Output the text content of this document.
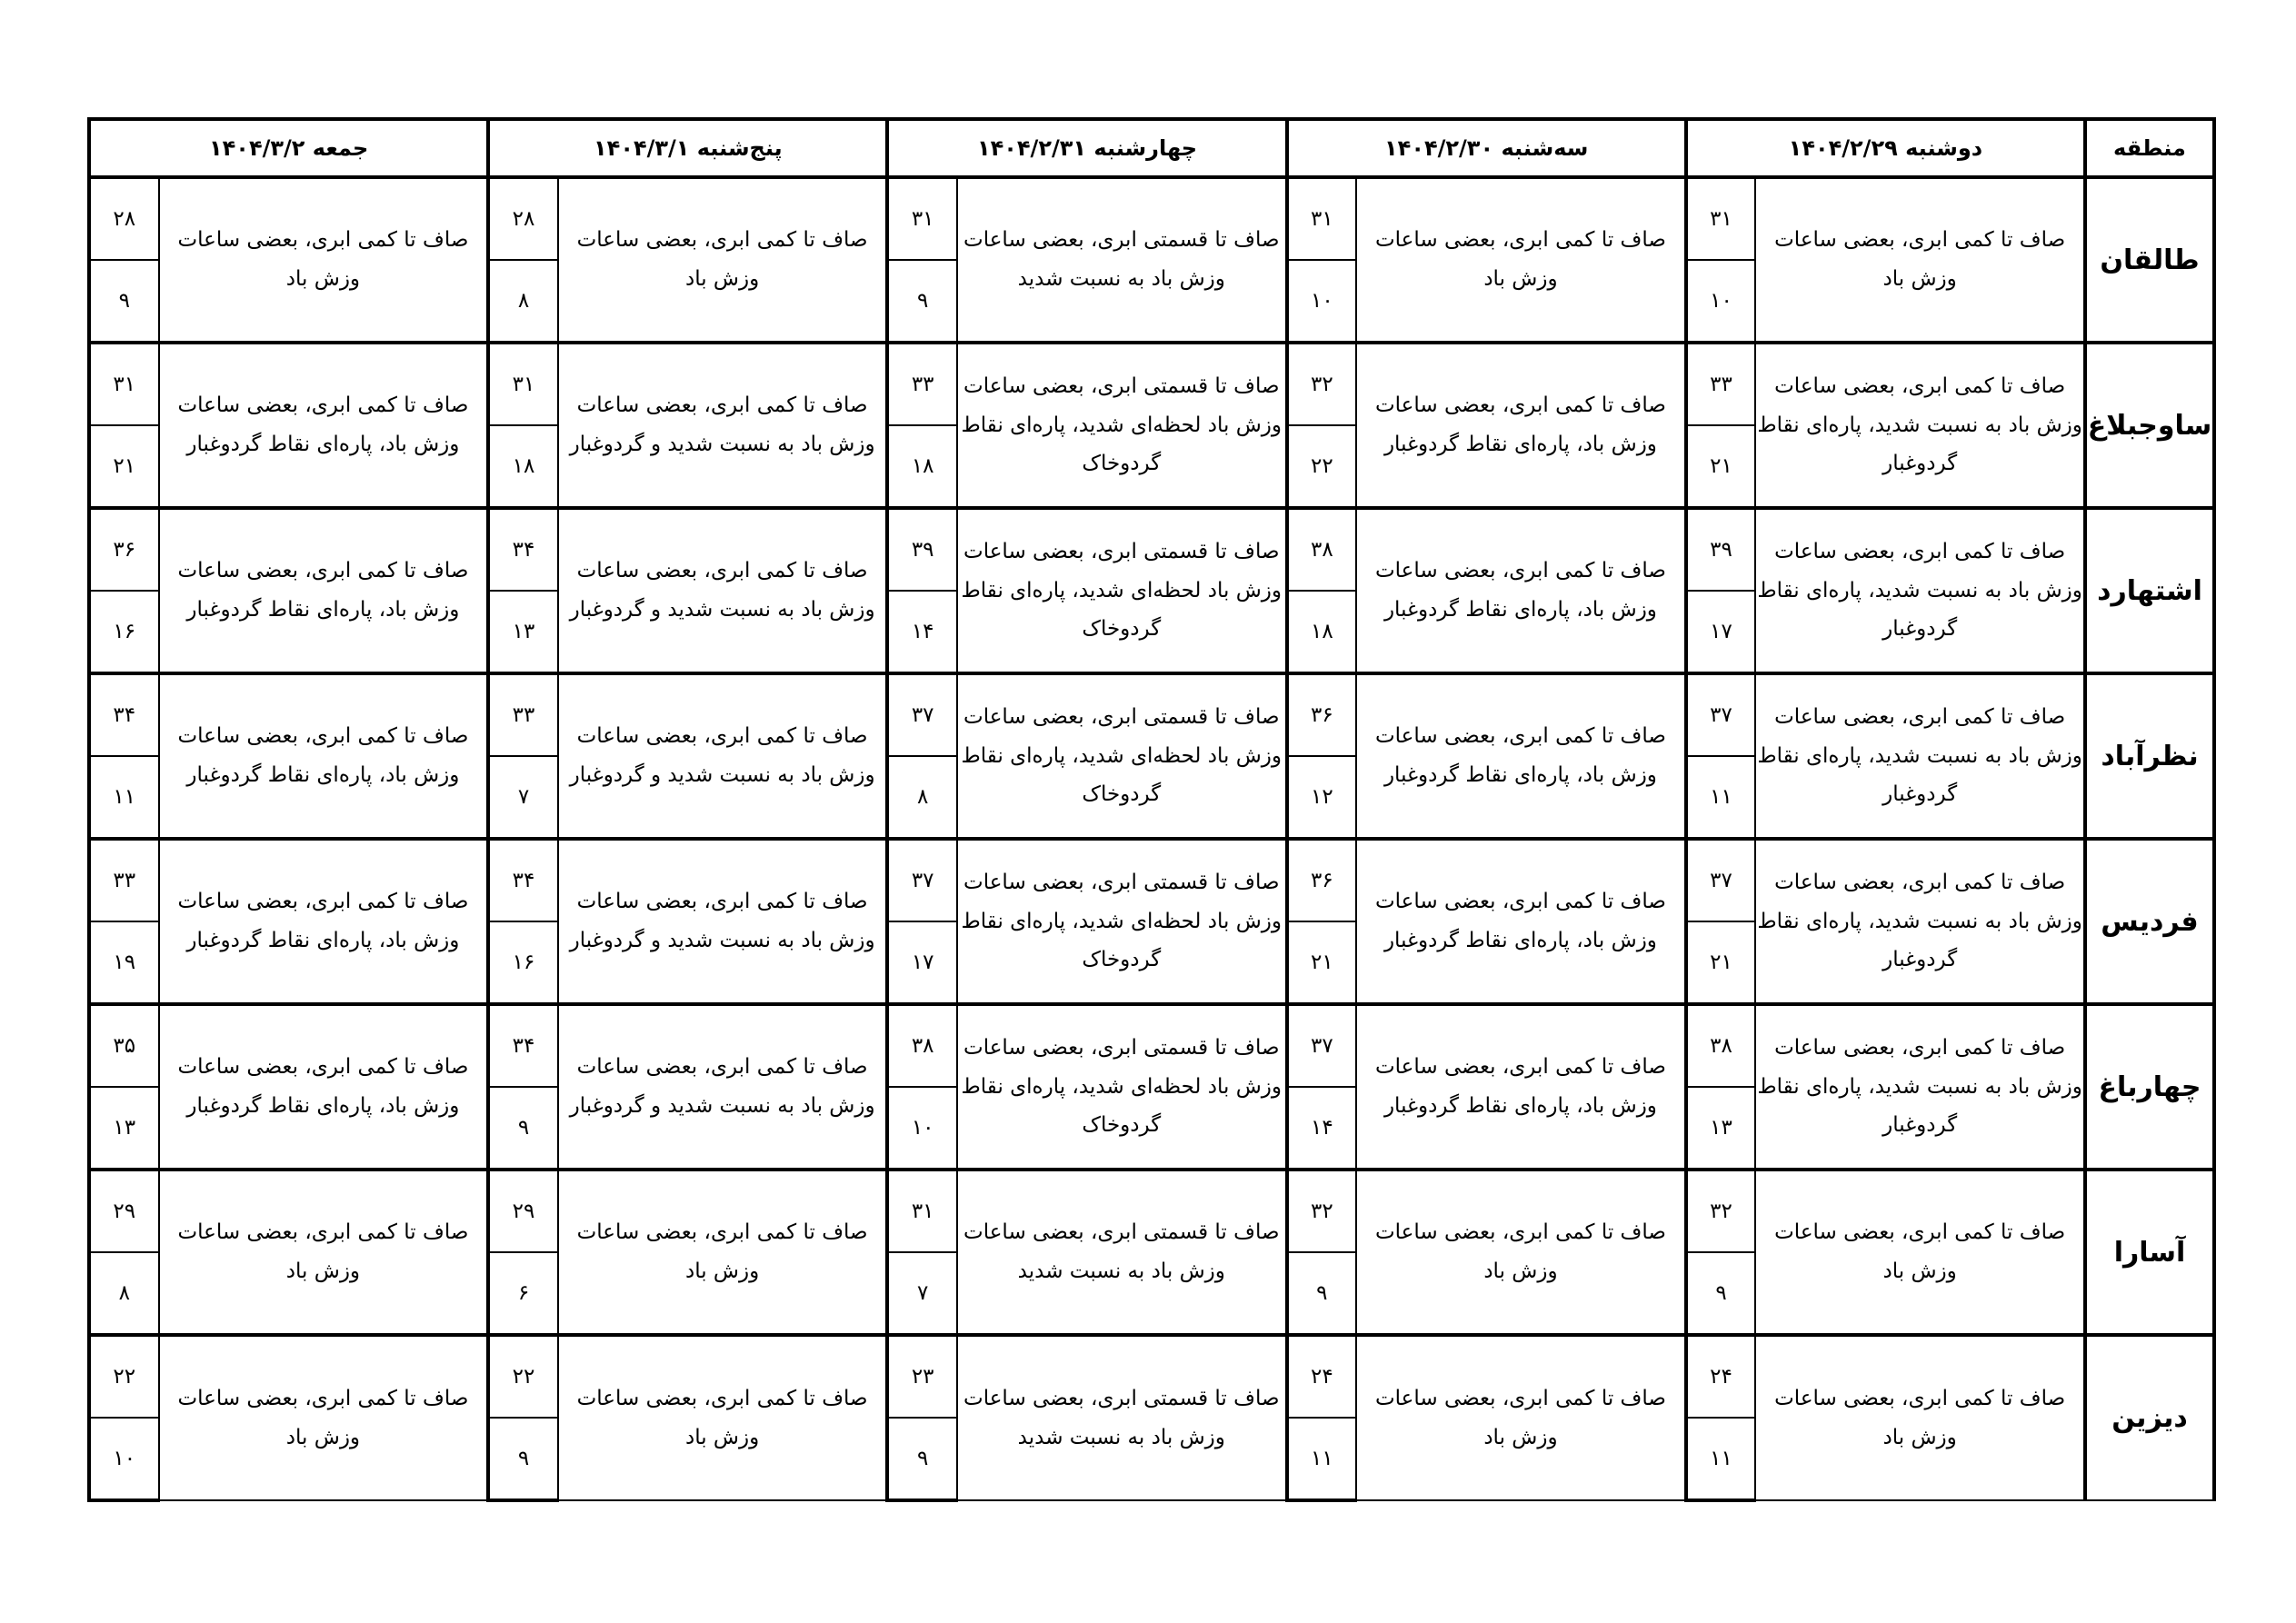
منطقه	دوشنبه ۱۴۰۴/۲/۲۹		سه‌شنبه ۱۴۰۴/۲/۳۰		چهارشنبه ۱۴۰۴/۲/۳۱		پنج‌شنبه ۱۴۰۴/۳/۱		جمعه ۱۴۰۴/۳/۲	
طالقان	صاف تا کمی ابری، بعضی ساعات وزش باد	۳۱	صاف تا کمی ابری، بعضی ساعات وزش باد	۳۱	صاف تا قسمتی ابری، بعضی ساعات وزش باد به نسبت شدید	۳۱	صاف تا کمی ابری، بعضی ساعات وزش باد	۲۸	صاف تا کمی ابری، بعضی ساعات وزش باد	۲۸
		۱۰		۱۰		۹		۸		۹
ساوجبلاغ	صاف تا کمی ابری، بعضی ساعات وزش باد به نسبت شدید، پاره‌ای نقاط گردوغبار	۳۳	صاف تا کمی ابری، بعضی ساعات وزش باد، پاره‌ای نقاط گردوغبار	۳۲	صاف تا قسمتی ابری، بعضی ساعات وزش باد لحظه‌ای شدید، پاره‌ای نقاط گردوخاک	۳۳	صاف تا کمی ابری، بعضی ساعات وزش باد به نسبت شدید و گردوغبار	۳۱	صاف تا کمی ابری، بعضی ساعات وزش باد، پاره‌ای نقاط گردوغبار	۳۱
		۲۱		۲۲		۱۸		۱۸		۲۱
اشتهارد	صاف تا کمی ابری، بعضی ساعات وزش باد به نسبت شدید، پاره‌ای نقاط گردوغبار	۳۹	صاف تا کمی ابری، بعضی ساعات وزش باد، پاره‌ای نقاط گردوغبار	۳۸	صاف تا قسمتی ابری، بعضی ساعات وزش باد لحظه‌ای شدید، پاره‌ای نقاط گردوخاک	۳۹	صاف تا کمی ابری، بعضی ساعات وزش باد به نسبت شدید و گردوغبار	۳۴	صاف تا کمی ابری، بعضی ساعات وزش باد، پاره‌ای نقاط گردوغبار	۳۶
		۱۷		۱۸		۱۴		۱۳		۱۶
نظرآباد	صاف تا کمی ابری، بعضی ساعات وزش باد به نسبت شدید، پاره‌ای نقاط گردوغبار	۳۷	صاف تا کمی ابری، بعضی ساعات وزش باد، پاره‌ای نقاط گردوغبار	۳۶	صاف تا قسمتی ابری، بعضی ساعات وزش باد لحظه‌ای شدید، پاره‌ای نقاط گردوخاک	۳۷	صاف تا کمی ابری، بعضی ساعات وزش باد به نسبت شدید و گردوغبار	۳۳	صاف تا کمی ابری، بعضی ساعات وزش باد، پاره‌ای نقاط گردوغبار	۳۴
		۱۱		۱۲		۸		۷		۱۱
فردیس	صاف تا کمی ابری، بعضی ساعات وزش باد به نسبت شدید، پاره‌ای نقاط گردوغبار	۳۷	صاف تا کمی ابری، بعضی ساعات وزش باد، پاره‌ای نقاط گردوغبار	۳۶	صاف تا قسمتی ابری، بعضی ساعات وزش باد لحظه‌ای شدید، پاره‌ای نقاط گردوخاک	۳۷	صاف تا کمی ابری، بعضی ساعات وزش باد به نسبت شدید و گردوغبار	۳۴	صاف تا کمی ابری، بعضی ساعات وزش باد، پاره‌ای نقاط گردوغبار	۳۳
		۲۱		۲۱		۱۷		۱۶		۱۹
چهارباغ	صاف تا کمی ابری، بعضی ساعات وزش باد به نسبت شدید، پاره‌ای نقاط گردوغبار	۳۸	صاف تا کمی ابری، بعضی ساعات وزش باد، پاره‌ای نقاط گردوغبار	۳۷	صاف تا قسمتی ابری، بعضی ساعات وزش باد لحظه‌ای شدید، پاره‌ای نقاط گردوخاک	۳۸	صاف تا کمی ابری، بعضی ساعات وزش باد به نسبت شدید و گردوغبار	۳۴	صاف تا کمی ابری، بعضی ساعات وزش باد، پاره‌ای نقاط گردوغبار	۳۵
		۱۳		۱۴		۱۰		۹		۱۳
آسارا	صاف تا کمی ابری، بعضی ساعات وزش باد	۳۲	صاف تا کمی ابری، بعضی ساعات وزش باد	۳۲	صاف تا قسمتی ابری، بعضی ساعات وزش باد به نسبت شدید	۳۱	صاف تا کمی ابری، بعضی ساعات وزش باد	۲۹	صاف تا کمی ابری، بعضی ساعات وزش باد	۲۹
		۹		۹		۷		۶		۸
دیزین	صاف تا کمی ابری، بعضی ساعات وزش باد	۲۴	صاف تا کمی ابری، بعضی ساعات وزش باد	۲۴	صاف تا قسمتی ابری، بعضی ساعات وزش باد به نسبت شدید	۲۳	صاف تا کمی ابری، بعضی ساعات وزش باد	۲۲	صاف تا کمی ابری، بعضی ساعات وزش باد	۲۲
		۱۱		۱۱		۹		۹		۱۰
